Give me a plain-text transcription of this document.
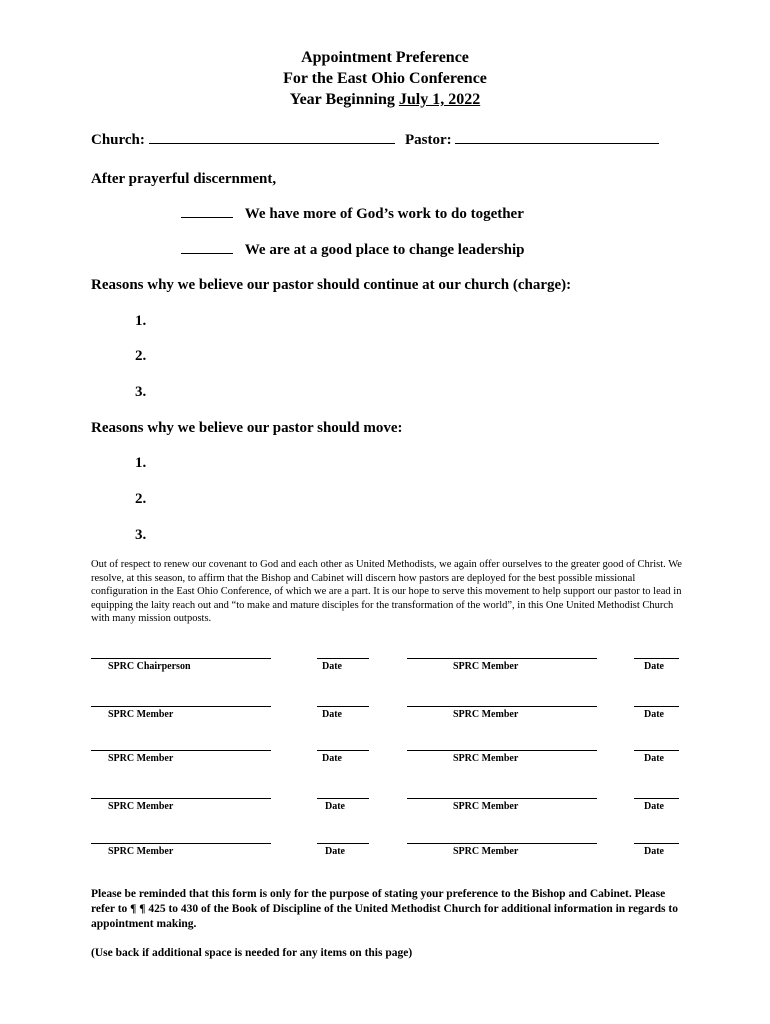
Appointment Preference
For the East Ohio Conference
Year Beginning July 1, 2022
Church:	Pastor:
After prayerful discernment,
We have more of God’s work to do together
We are at a good place to change leadership
Reasons why we believe our pastor should continue at our church (charge):
1.
2.
3.
Reasons why we believe our pastor should move:
1.
2.
3.
Out of respect to renew our covenant to God and each other as United Methodists, we again offer ourselves to the greater good of Christ. We resolve, at this season, to affirm that the Bishop and Cabinet will discern how pastors are deployed for the best possible missional configuration in the East Ohio Conference, of which we are a part. It is our hope to serve this movement to help support our pastor to lead in equipping the laity reach out and “to make and mature disciples for the transformation of the world”, in this One United Methodist Church with many mission outposts.
SPRC Chairperson	Date	SPRC Member	Date
SPRC Member	Date	SPRC Member	Date
SPRC Member	Date	SPRC Member	Date
SPRC Member	Date	SPRC Member	Date
SPRC Member	Date	SPRC Member	Date
Please be reminded that this form is only for the purpose of stating your preference to the Bishop and Cabinet. Please refer to ¶ ¶ 425 to 430 of the Book of Discipline of the United Methodist Church for additional information in regards to appointment making.
(Use back if additional space is needed for any items on this page)
